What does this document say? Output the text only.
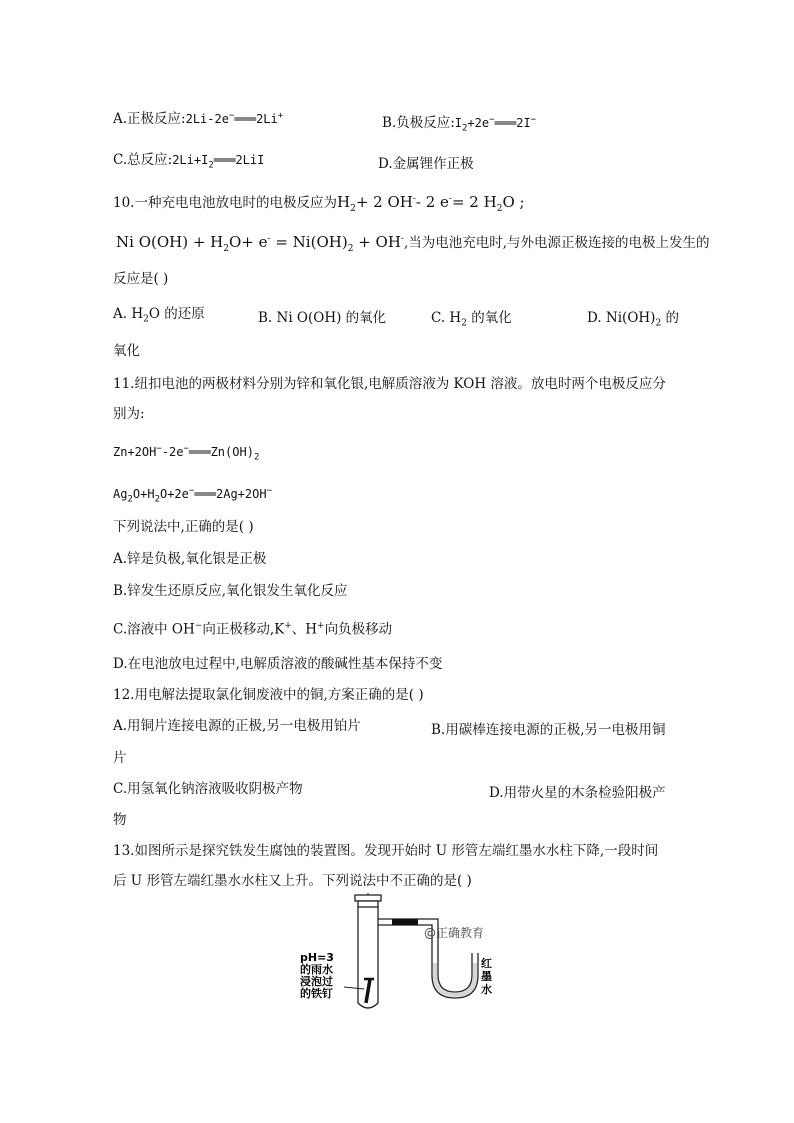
A.正极反应:2Li-2e−═══2Li+	B.负极反应$:I_2+2e^-═══2I^-$
C.总反应$:2Li+I_2═══2LiI$	D.金属锂作正极
10.一种充电电池放电时的电极反应为$H_2+ 2$ OH-- 2 e-= 2 $H_2O$ ;
Ni $O(OH) + H_2O+ e^- = Ni(OH)_2 + OH^-$,当为电池充电时,与外电源正极连接的电极上发生的
反应是( )
A. $H_2O$ 的还原	B. Ni O(OH) 的氧化	C. $H_2$ 的氧化	D. $Ni(OH)_2$ 的
氧化
11.纽扣电池的两极材料分别为锌和氧化银,电解质溶液为 KOH 溶液。放电时两个电极反应分
别为:
$Zn+2OH^--2e^-═══Zn(OH)_2$
$Ag_2O+H_2O+2e^-═══2Ag+2OH^-$
下列说法中,正确的是( )
A.锌是负极,氧化银是正极
B.锌发生还原反应,氧化银发生氧化反应
C.溶液中 OH−向正极移动,K+、H+向负极移动
D.在电池放电过程中,电解质溶液的酸碱性基本保持不变
12.用电解法提取氯化铜废液中的铜,方案正确的是( )
A.用铜片连接电源的正极,另一电极用铂片	B.用碳棒连接电源的正极,另一电极用铜
片
C.用氢氧化钠溶液吸收阴极产物	D.用带火星的木条检验阳极产
物
13.如图所示是探究铁发生腐蚀的装置图。发现开始时 U 形管左端红墨水水柱下降,一段时间
后 U 形管左端红墨水水柱又上升。下列说法中不正确的是( )
pH=3
的雨水
浸泡过
的铁钉
红
墨
水
@正确教育
